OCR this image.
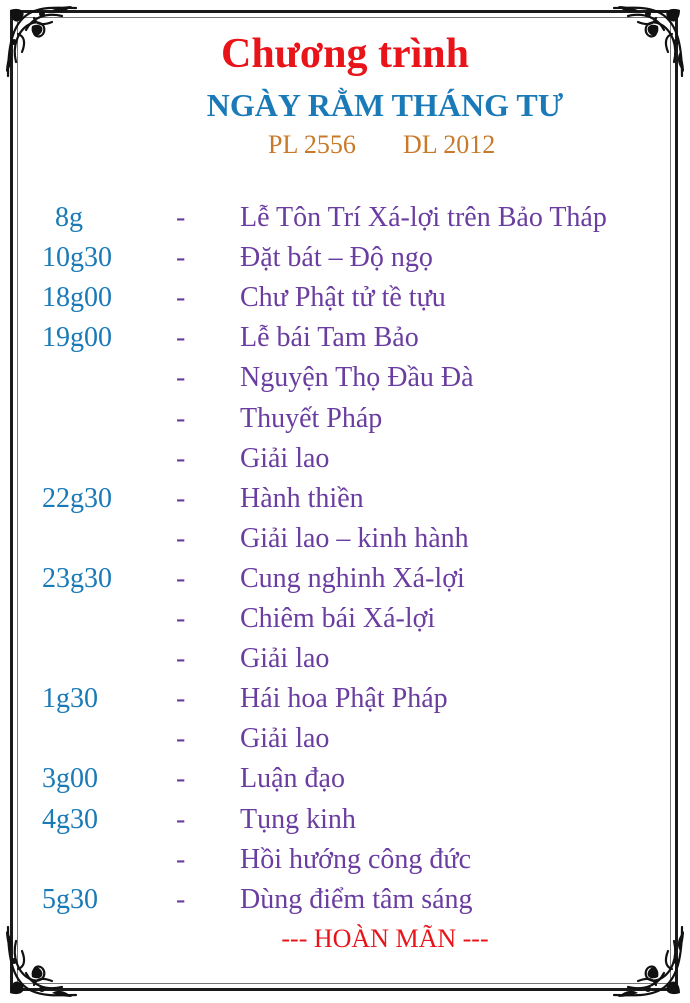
Chương trình
NGÀY RẰM THÁNG TƯ
PL 2556 DL 2012
8g	- Lễ Tôn Trí Xá-lợi trên Bảo Tháp
10g30 - Đặt bát – Độ ngọ
18g00 - Chư Phật tử tề tựu
19g00 - Lễ bái Tam Bảo
- Nguyện Thọ Đầu Đà
- Thuyết Pháp
- Giải lao
22g30 - Hành thiền
- Giải lao – kinh hành
23g30 - Cung nghinh Xá-lợi
- Chiêm bái Xá-lợi
- Giải lao
1g30	- Hái hoa Phật Pháp
- Giải lao
3g00	- Luận đạo
4g30	- Tụng kinh
- Hồi hướng công đức
5g30	- Dùng điểm tâm sáng
--- HOÀN MÃN ---
